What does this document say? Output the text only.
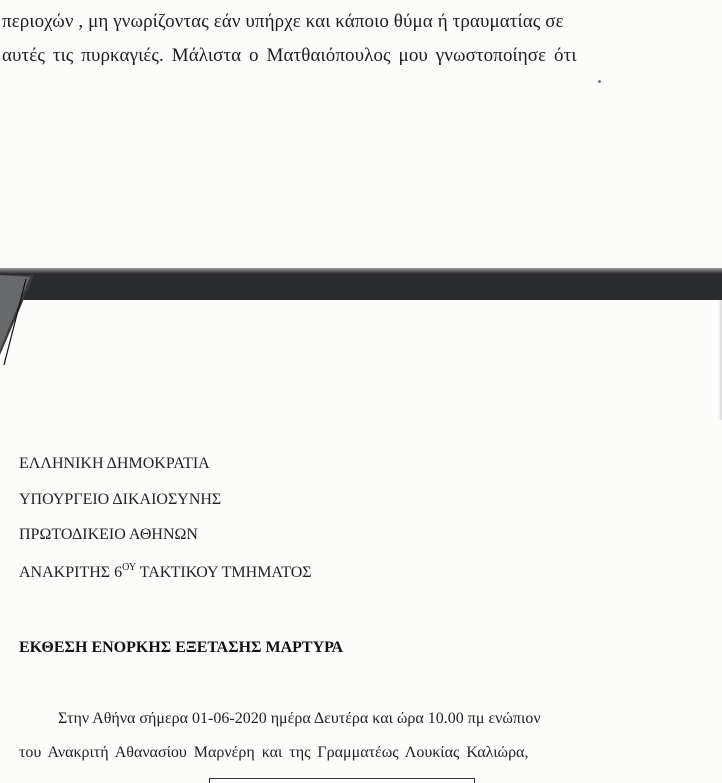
περιοχών , μη γνωρίζοντας εάν υπήρχε και κάποιο θύμα ή τραυματίας σε
αυτές τις πυρκαγιές. Μάλιστα ο Ματθαιόπουλος μου γνωστοποίησε ότι
ΕΛΛΗΝΙΚΗ ΔΗΜΟΚΡΑΤΙΑ
ΥΠΟΥΡΓΕΙΟ ΔΙΚΑΙΟΣΥΝΗΣ
ΠΡΩΤΟΔΙΚΕΙΟ ΑΘΗΝΩΝ
ΑΝΑΚΡΙΤΗΣ $6^{O\Upsilon}$ ΤΑΚΤΙΚΟΥ ΤΜΗΜΑΤΟΣ
ΕΚΘΕΣΗ ΕΝΟΡΚΗΣ ΕΞΕΤΑΣΗΣ ΜΑΡΤΥΡΑ
Στην Αθήνα σήμερα 01-06-2020 ημέρα Δευτέρα και ώρα 10.00 πμ ενώπιον
του Ανακριτή Αθανασίου Μαρνέρη και της Γραμματέως Λουκίας Καλιώρα,
